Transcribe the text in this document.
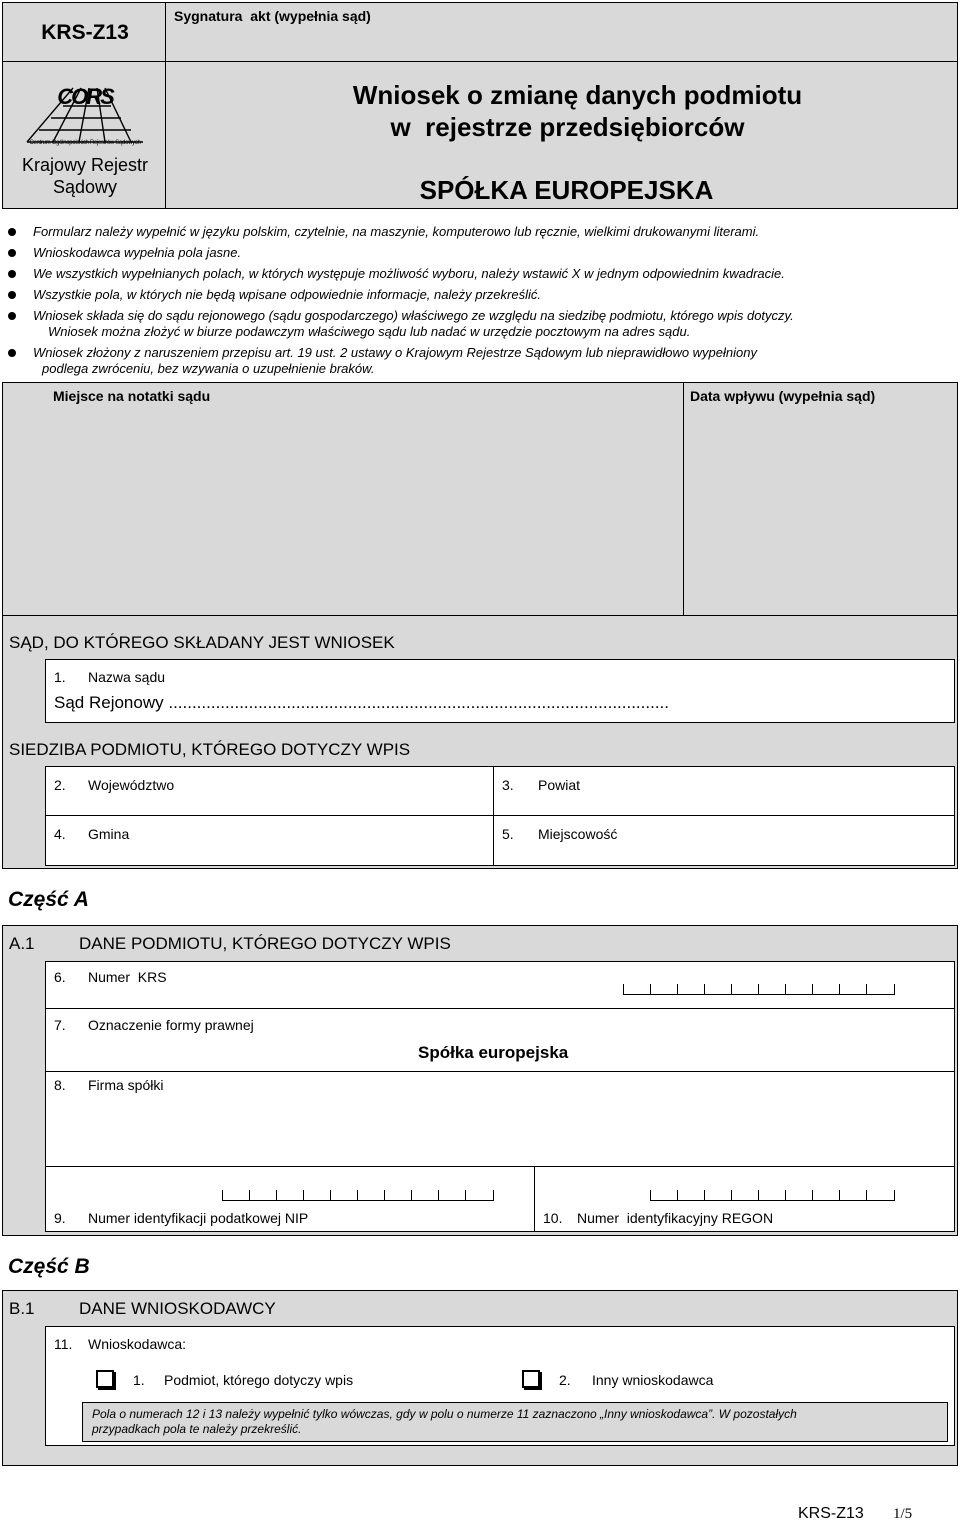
KRS-Z13
Sygnatura  akt (wypełnia sąd)
CORS
Centrum Ogólnopolskich Rejestrów Sądowych
Krajowy Rejestr
Sądowy
Wniosek o zmianę danych podmiotu
w  rejestrze przedsiębiorców
SPÓŁKA EUROPEJSKA
Formularz należy wypełnić w języku polskim, czytelnie, na maszynie, komputerowo lub ręcznie, wielkimi drukowanymi literami.
Wnioskodawca wypełnia pola jasne.
We wszystkich wypełnianych polach, w których występuje możliwość wyboru, należy wstawić X w jednym odpowiednim kwadracie.
Wszystkie pola, w których nie będą wpisane odpowiednie informacje, należy przekreślić.
Wniosek składa się do sądu rejonowego (sądu gospodarczego) właściwego ze względu na siedzibę podmiotu, którego wpis dotyczy.
Wniosek można złożyć w biurze podawczym właściwego sądu lub nadać w urzędzie pocztowym na adres sądu.
Wniosek złożony z naruszeniem przepisu art. 19 ust. 2 ustawy o Krajowym Rejestrze Sądowym lub nieprawidłowo wypełniony
podlega zwróceniu, bez wzywania o uzupełnienie braków.
Miejsce na notatki sądu	Data wpływu (wypełnia sąd)
SĄD, DO KTÓREGO SKŁADANY JEST WNIOSEK
1. Nazwa sądu
Sąd Rejonowy ..........................................................................................................
SIEDZIBA PODMIOTU, KTÓREGO DOTYCZY WPIS
2. Województwo	3. Powiat
4. Gmina	5. Miejscowość
Część A
A.1	DANE PODMIOTU, KTÓREGO DOTYCZY WPIS
6. Numer  KRS
7. Oznaczenie formy prawnej
Spółka europejska
8. Firma spółki
9. Numer identyfikacji podatkowej NIP	10. Numer  identyfikacyjny REGON
Część B
B.1	DANE WNIOSKODAWCY
11. Wnioskodawca:
1. Podmiot, którego dotyczy wpis	2. Inny wnioskodawca
Pola o numerach 12 i 13 należy wypełnić tylko wówczas, gdy w polu o numerze 11 zaznaczono „Inny wnioskodawca”. W pozostałych
przypadkach pola te należy przekreślić.
KRS-Z13 1/5
